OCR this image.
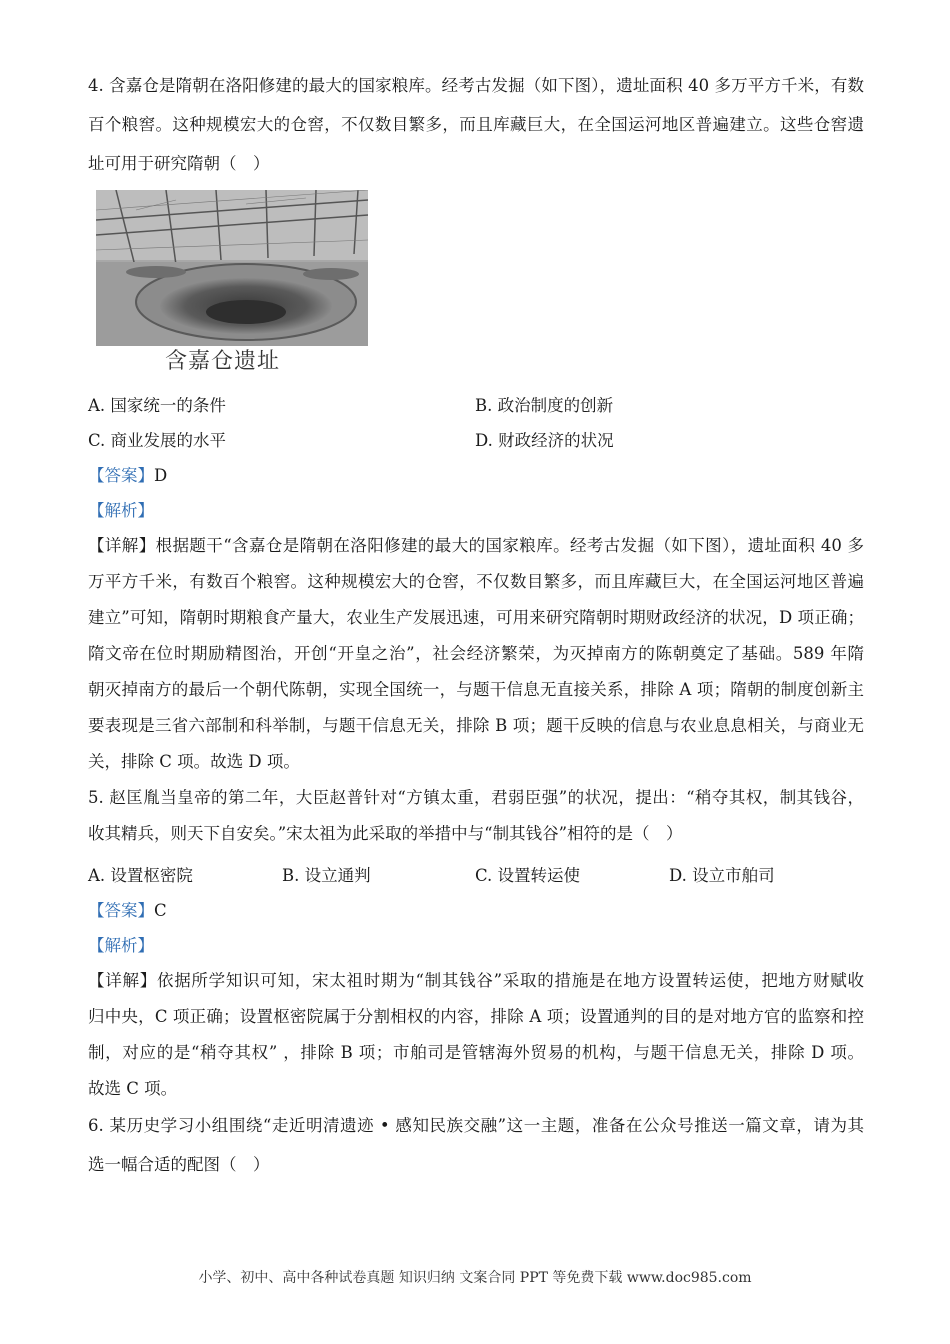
4. 含嘉仓是隋朝在洛阳修建的最大的国家粮库。经考古发掘（如下图），遗址面积 40 多万平方千米，有数
百个粮窖。这种规模宏大的仓窖，不仅数目繁多，而且库藏巨大，在全国运河地区普遍建立。这些仓窖遗
址可用于研究隋朝（　）
含嘉仓遗址
A. 国家统一的条件	B. 政治制度的创新
C. 商业发展的水平	D. 财政经济的状况
【答案】D
【解析】
【详解】根据题干“含嘉仓是隋朝在洛阳修建的最大的国家粮库。经考古发掘（如下图），遗址面积 40 多
万平方千米，有数百个粮窖。这种规模宏大的仓窖，不仅数目繁多，而且库藏巨大，在全国运河地区普遍
建立”可知，隋朝时期粮食产量大，农业生产发展迅速，可用来研究隋朝时期财政经济的状况，D 项正确；
隋文帝在位时期励精图治，开创“开皇之治”，社会经济繁荣，为灭掉南方的陈朝奠定了基础。589 年隋
朝灭掉南方的最后一个朝代陈朝，实现全国统一，与题干信息无直接关系，排除 A 项；隋朝的制度创新主
要表现是三省六部制和科举制，与题干信息无关，排除 B 项；题干反映的信息与农业息息相关，与商业无
关，排除 C 项。故选 D 项。
5. 赵匡胤当皇帝的第二年，大臣赵普针对“方镇太重，君弱臣强”的状况，提出：“稍夺其权，制其钱谷，
收其精兵，则天下自安矣。”宋太祖为此采取的举措中与“制其钱谷”相符的是（　）
A. 设置枢密院	B. 设立通判	C. 设置转运使	D. 设立市舶司
【答案】C
【解析】
【详解】依据所学知识可知，宋太祖时期为“制其钱谷”采取的措施是在地方设置转运使，把地方财赋收
归中央，C 项正确；设置枢密院属于分割相权的内容，排除 A 项；设置通判的目的是对地方官的监察和控
制，对应的是“稍夺其权” ，排除 B 项；市舶司是管辖海外贸易的机构，与题干信息无关，排除 D 项。
故选 C 项。
6. 某历史学习小组围绕“走近明清遗迹 • 感知民族交融”这一主题，准备在公众号推送一篇文章，请为其
选一幅合适的配图（　）
小学、初中、高中各种试卷真题 知识归纳 文案合同 PPT 等免费下载 www.doc985.com
